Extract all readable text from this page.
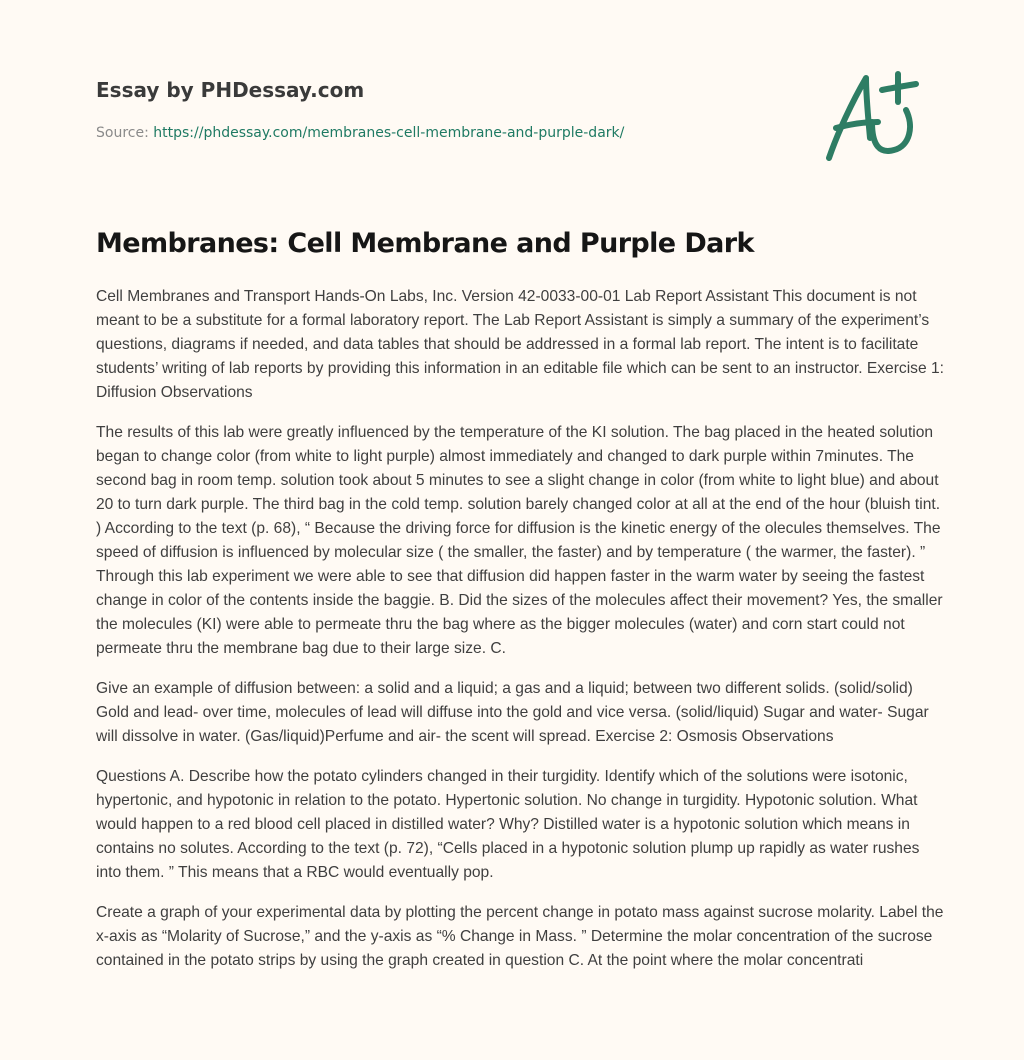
Essay by PHDessay.com
Source: https://phdessay.com/membranes-cell-membrane-and-purple-dark/
Membranes: Cell Membrane and Purple Dark

Cell Membranes and Transport Hands-On Labs, Inc. Version 42-0033-00-01 Lab Report Assistant This document is not meant to be a substitute for a formal laboratory report. The Lab Report Assistant is simply a summary of the experiment’s questions, diagrams if needed, and data tables that should be addressed in a formal lab report. The intent is to facilitate students’ writing of lab reports by providing this information in an editable file which can be sent to an instructor. Exercise 1: Diffusion Observations

The results of this lab were greatly influenced by the temperature of the KI solution. The bag placed in the heated solution began to change color (from white to light purple) almost immediately and changed to dark purple within 7minutes. The second bag in room temp. solution took about 5 minutes to see a slight change in color (from white to light blue) and about 20 to turn dark purple. The third bag in the cold temp. solution barely changed color at all at the end of the hour (bluish tint. ) According to the text (p. 68), “ Because the driving force for diffusion is the kinetic energy of the olecules themselves. The speed of diffusion is influenced by molecular size ( the smaller, the faster) and by temperature ( the warmer, the faster). ” Through this lab experiment we were able to see that diffusion did happen faster in the warm water by seeing the fastest change in color of the contents inside the baggie. B. Did the sizes of the molecules affect their movement? Yes, the smaller the molecules (KI) were able to permeate thru the bag where as the bigger molecules (water) and corn start could not permeate thru the membrane bag due to their large size. C.

Give an example of diffusion between: a solid and a liquid; a gas and a liquid; between two different solids. (solid/solid) Gold and lead- over time, molecules of lead will diffuse into the gold and vice versa. (solid/liquid) Sugar and water- Sugar will dissolve in water. (Gas/liquid)Perfume and air- the scent will spread. Exercise 2: Osmosis Observations

Questions A. Describe how the potato cylinders changed in their turgidity. Identify which of the solutions were isotonic, hypertonic, and hypotonic in relation to the potato. Hypertonic solution. No change in turgidity. Hypotonic solution. What would happen to a red blood cell placed in distilled water? Why? Distilled water is a hypotonic solution which means in contains no solutes. According to the text (p. 72), “Cells placed in a hypotonic solution plump up rapidly as water rushes into them. ” This means that a RBC would eventually pop.

Create a graph of your experimental data by plotting the percent change in potato mass against sucrose molarity. Label the x-axis as “Molarity of Sucrose,” and the y-axis as “% Change in Mass. ” Determine the molar concentration of the sucrose contained in the potato strips by using the graph created in question C. At the point where the molar concentrati
